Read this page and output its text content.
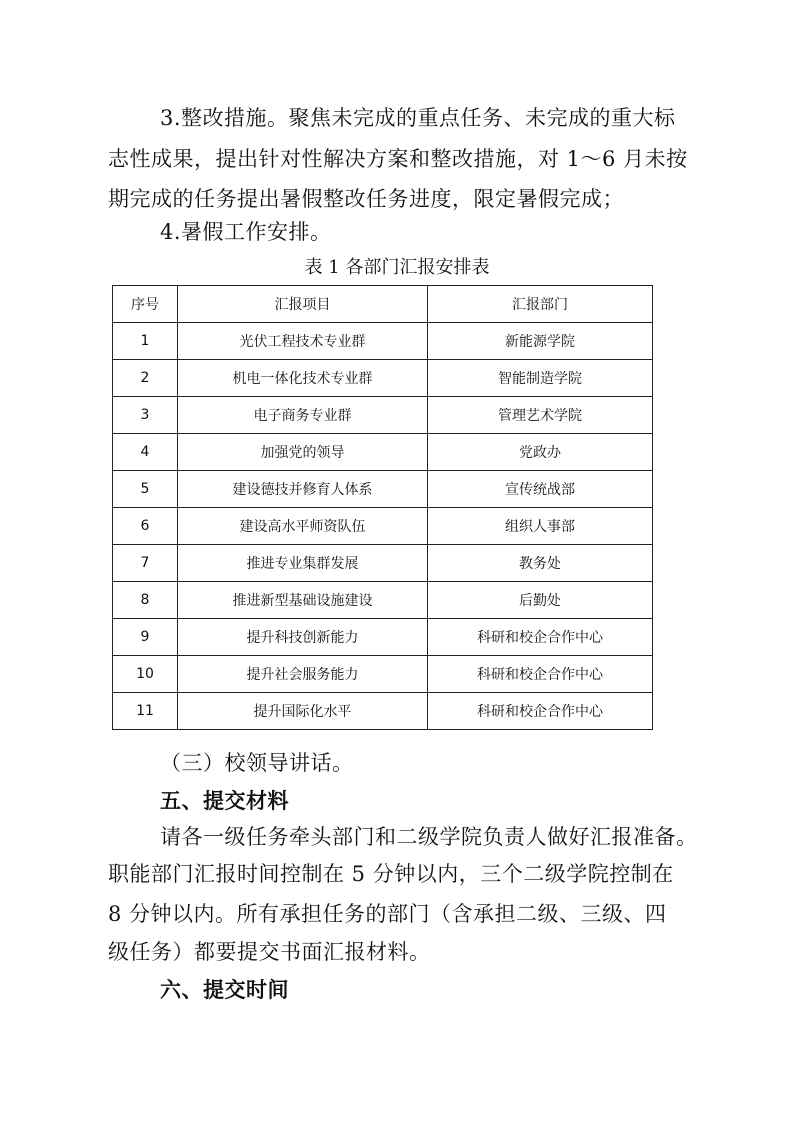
3.整改措施。聚焦未完成的重点任务、未完成的重大标
志性成果，提出针对性解决方案和整改措施，对 1～6 月未按
期完成的任务提出暑假整改任务进度，限定暑假完成；
4.暑假工作安排。
表 1 各部门汇报安排表
序号	汇报项目	汇报部门
1	光伏工程技术专业群	新能源学院
2	机电一体化技术专业群	智能制造学院
3	电子商务专业群	管理艺术学院
4	加强党的领导	党政办
5	建设德技并修育人体系	宣传统战部
6	建设高水平师资队伍	组织人事部
7	推进专业集群发展	教务处
8	推进新型基础设施建设	后勤处
9	提升科技创新能力	科研和校企合作中心
10	提升社会服务能力	科研和校企合作中心
11	提升国际化水平	科研和校企合作中心
（三）校领导讲话。
五、提交材料
请各一级任务牵头部门和二级学院负责人做好汇报准备。
职能部门汇报时间控制在 5 分钟以内，三个二级学院控制在
8 分钟以内。所有承担任务的部门（含承担二级、三级、四
级任务）都要提交书面汇报材料。
六、提交时间
